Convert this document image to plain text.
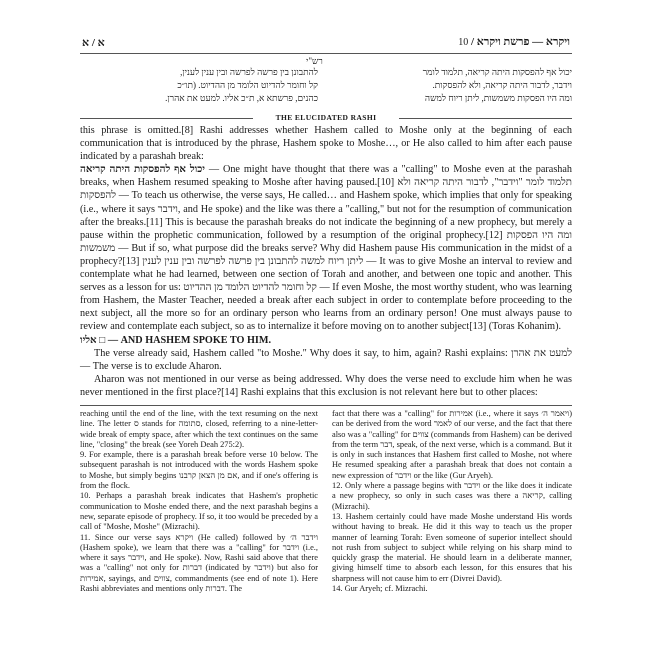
א / א	ויקרא — פרשת ויקרא / 10
רש"י
יכול אף להפסקות היתה קריאה, תלמוד לומר
וידבר, לדבור היתה קריאה, ולא להפסקות.
ומה היו הפסקות משמשות, ליתן ריוח למשה
להתבונן בין פרשה לפרשה ובין ענין לענין,
קל וחומר להדיוט הלומד מן ההדיוט. (תו״כ
כהנים, פרשתא א, ת״כ אליו. למעט את אהרן.
THE ELUCIDATED RASHI

this phrase is omitted.[8] Rashi addresses whether Hashem called to Moshe only at the beginning of each communication that is introduced by the phrase, Hashem spoke to Moshe…, or He also called to him after each pause indicated by a parashah break:

יכול אף להפסקות היתה קריאה — One might have thought that there was a "calling" to Moshe even at the parashah breaks, when Hashem resumed speaking to Moshe after having paused.[10] תלמוד לומר "וידבר", לדבור היתה קריאה ולא להפסקות — To teach us otherwise, the verse says, He called… and Hashem spoke, which implies that only for speaking (i.e., where it says וידבר, and He spoke) and the like was there a "calling," but not for the resumption of communication after the breaks.[11] This is because the parashah breaks do not indicate the beginning of a new prophecy, but merely a pause within the prophetic communication, followed by a resumption of the original prophecy.[12] ומה היו הפסקות משמשות — But if so, what purpose did the breaks serve? Why did Hashem pause His communication in the midst of a prophecy?[13] ליתן ריוח למשה להתבונן בין פרשה לפרשה ובין ענין לענין — It was to give Moshe an interval to review and contemplate what he had learned, between one section of Torah and another, and between one topic and another. This serves as a lesson for us: קל וחומר להדיוט הלומד מן ההדיוט — If even Moshe, the most worthy student, who was learning from Hashem, the Master Teacher, needed a break after each subject in order to contemplate before proceeding to the next subject, all the more so for an ordinary person who learns from an ordinary person! One must always pause to review and contemplate each subject, so as to internalize it before moving on to another subject[13] (Toras Kohanim).

אליו □ — AND HASHEM SPOKE TO HIM.

The verse already said, Hashem called "to Moshe." Why does it say, to him, again? Rashi explains: למעט את אהרן — The verse is to exclude Aharon.

Aharon was not mentioned in our verse as being addressed. Why does the verse need to exclude him when he was never mentioned in the first place?[14] Rashi explains that this exclusion is not relevant here but to other places:

reaching until the end of the line, with the text resuming on the next line. The letter ס stands for סתומה, closed, referring to a nine-letter-wide break of empty space, after which the text continues on the same line, "closing" the break (see Yoreh Deah 275:2).

9. For example, there is a parashah break before verse 10 below. The subsequent parashah is not introduced with the words Hashem spoke to Moshe, but simply begins אם מן הצאן קרבנו, and if one's offering is from the flock.

10. Perhaps a parashah break indicates that Hashem's prophetic communication to Moshe ended there, and the next parashah begins a new, separate episode of prophecy. If so, it too would be preceded by a call of "Moshe, Moshe" (Mizrachi).

11. Since our verse says ויקרא (He called) followed by וידבר ה׳ (Hashem spoke), we learn that there was a "calling" for וידבר (i.e., where it says וידבר, and He spoke). Now, Rashi said above that there was a "calling" not only for דברות (indicated by וידבר) but also for אמירות, sayings, and צווים, commandments (see end of note 1). Here Rashi abbreviates and mentions only דברות. The

fact that there was a "calling" for אמירות (i.e., where it says ויאמר ה׳) can be derived from the word לאמר of our verse, and the fact that there also was a "calling" for צווים (commands from Hashem) can be derived from the term דבר, speak, of the next verse, which is a command. But it is only in such instances that Hashem first called to Moshe, not where He resumed speaking after a parashah break that does not contain a new expression of וידבר or the like (Gur Aryeh).

12. Only where a passage begins with וידבר or the like does it indicate a new prophecy, so only in such cases was there a קריאה, calling (Mizrachi).

13. Hashem certainly could have made Moshe understand His words without having to break. He did it this way to teach us the proper manner of learning Torah: Even someone of superior intellect should not rush from subject to subject while relying on his sharp mind to quickly grasp the material. He should learn in a deliberate manner, giving himself time to absorb each lesson, for this ensures that his sharpness will not cause him to err (Divrei David).

14. Gur Aryeh; cf. Mizrachi.
